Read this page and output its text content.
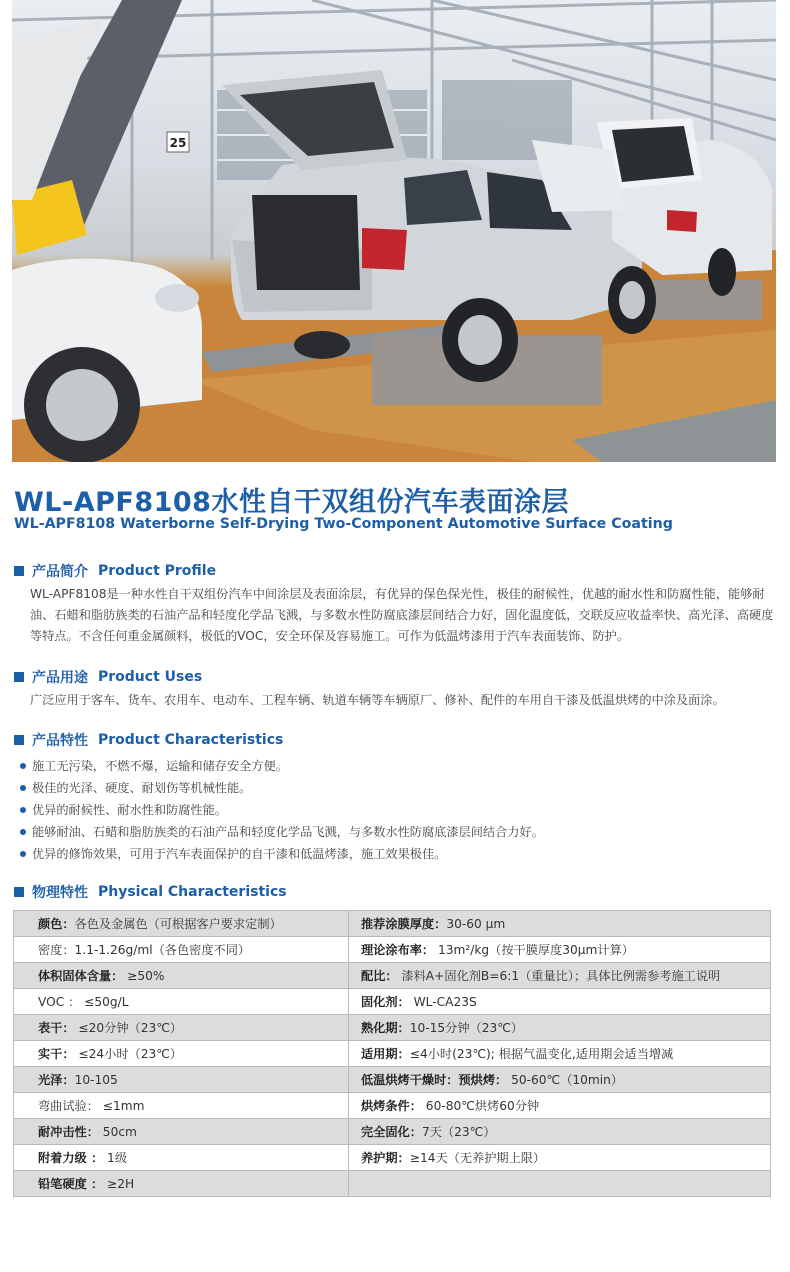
25
WL-APF8108水性自干双组份汽车表面涂层
WL-APF8108 Waterborne Self-Drying Two-Component Automotive Surface Coating
产品简介 Product Profile

WL-APF8108是一种水性自干双组份汽车中间涂层及表面涂层，有优异的保色保光性，极佳的耐候性，优越的耐水性和防腐性能，能够耐油、石蜡和脂肪族类的石油产品和轻度化学品飞溅，与多数水性防腐底漆层间结合力好，固化温度低，交联反应收益率快、高光泽、高硬度等特点。不含任何重金属颜料，极低的VOC，安全环保及容易施工。可作为低温烤漆用于汽车表面装饰、防护。

产品用途 Product Uses

广泛应用于客车、货车、农用车、电动车、工程车辆、轨道车辆等车辆原厂、修补、配件的车用自干漆及低温烘烤的中涂及面涂。

产品特性 Product Characteristics
施工无污染，不燃不爆，运输和储存安全方便。
极佳的光泽、硬度、耐划伤等机械性能。
优异的耐候性、耐水性和防腐性能。
能够耐油、石蜡和脂肪族类的石油产品和轻度化学品飞溅，与多数水性防腐底漆层间结合力好。
优异的修饰效果，可用于汽车表面保护的自干漆和低温烤漆，施工效果极佳。
物理特性 Physical Characteristics
颜色：各色及金属色（可根据客户要求定制）	推荐涂膜厚度：30-60 μm
密度：1.1-1.26g/ml（各色密度不同）	理论涂布率： 13m²/kg（按干膜厚度30μm计算）
体积固体含量： ≥50%	配比： 漆料A+固化剂B=6:1（重量比）；具体比例需参考施工说明
VOC ： ≤50g/L	固化剂： WL-CA23S
表干： ≤20分钟（23℃）	熟化期：10-15分钟（23℃）
实干： ≤24小时（23℃）	适用期：≤4小时(23℃); 根据气温变化,适用期会适当增减
光泽：10-105	低温烘烤干燥时：预烘烤： 50-60℃（10min）
弯曲试验： ≤1mm	烘烤条件： 60-80℃烘烤60分钟
耐冲击性： 50cm	完全固化：7天（23℃）
附着力级 ： 1级	养护期：≥14天（无养护期上限）
铅笔硬度 ： ≥2H	
